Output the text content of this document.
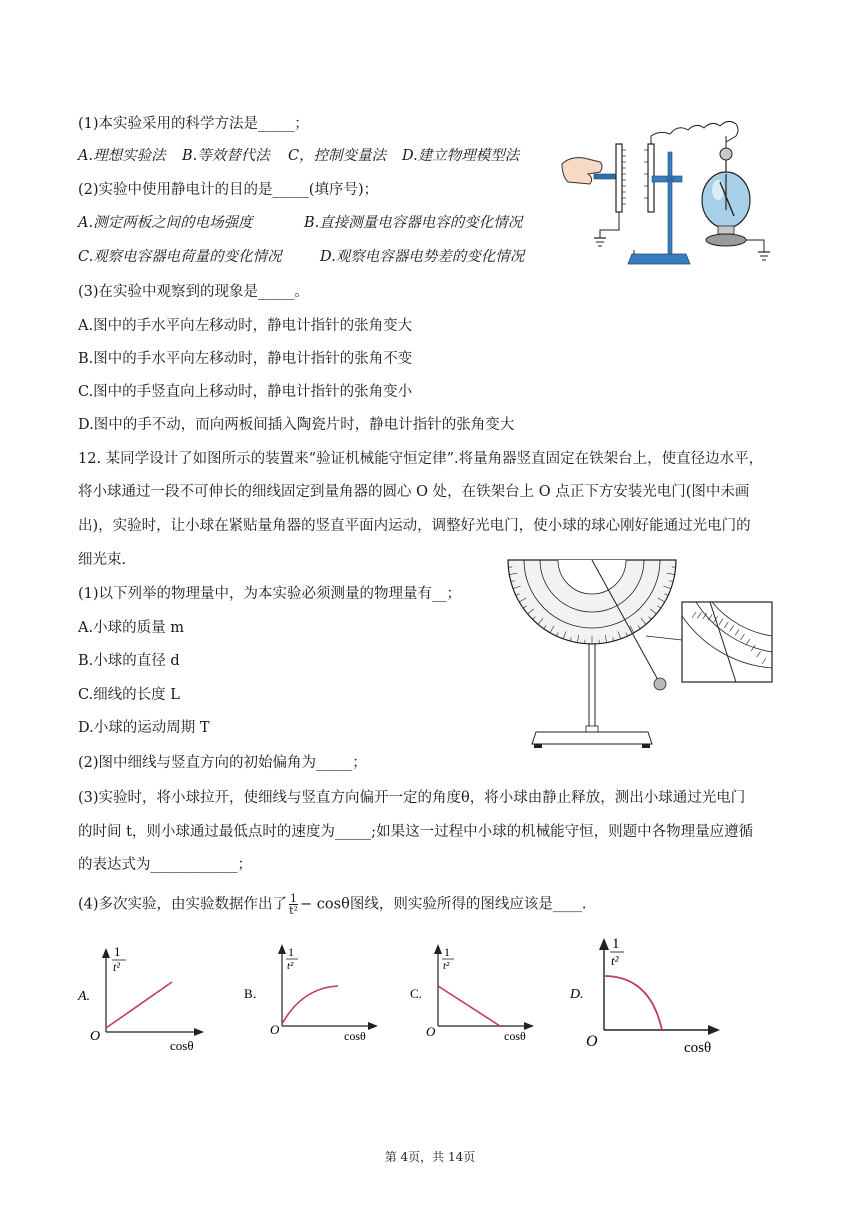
(1)本实验采用的科学方法是_____；
A.理想实验法 B.等效替代法 C，控制变量法 D.建立物理模型法
(2)实验中使用静电计的目的是_____(填序号)；
A.测定两板之间的电场强度	B.直接测量电容器电容的变化情况
C.观察电容器电荷量的变化情况	D.观察电容器电势差的变化情况
(3)在实验中观察到的现象是_____。
A.图中的手水平向左移动时，静电计指针的张角变大
B.图中的手水平向左移动时，静电计指针的张角不变
C.图中的手竖直向上移动时，静电计指针的张角变小
D.图中的手不动，而向两板间插入陶瓷片时，静电计指针的张角变大
12. 某同学设计了如图所示的装置来“验证机械能守恒定律”.将量角器竖直固定在铁架台上，使直径边水平，
将小球通过一段不可伸长的细线固定到量角器的圆心 O 处，在铁架台上 O 点正下方安装光电门(图中未画
出)，实验时，让小球在紧贴量角器的竖直平面内运动，调整好光电门，使小球的球心刚好能通过光电门的
细光束.
(1)以下列举的物理量中，为本实验必须测量的物理量有__；
A.小球的质量 m
B.小球的直径 d
C.细线的长度 L
D.小球的运动周期 T
(2)图中细线与竖直方向的初始偏角为_____；
(3)实验时，将小球拉开，使细线与竖直方向偏开一定的角度θ，将小球由静止释放，测出小球通过光电门
的时间 t，则小球通过最低点时的速度为_____;如果这一过程中小球的机械能守恒，则题中各物理量应遵循
的表达式为____________；
(4)多次实验，由实验数据作出了 $\frac{1}{\text{t²}} - \cos\theta$图线，则实验所得的图线应该是____.
A.
1
t²
O
cosθ
B．
1
t²
O	cosθ
C.
1
t²
O	cosθ
D.
1
t²
O	cosθ
第 4页，共 14页
